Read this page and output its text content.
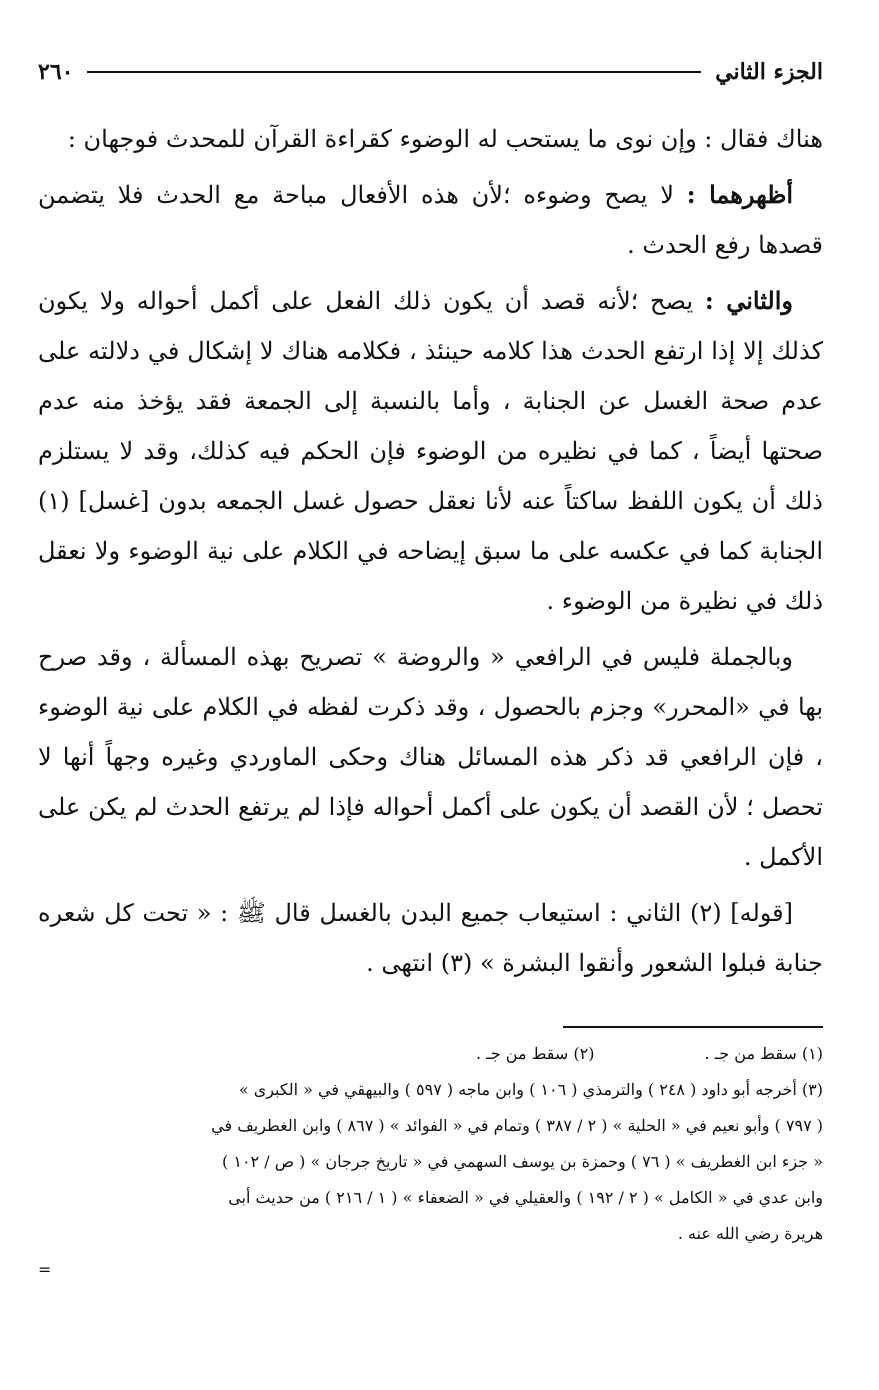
٢٦٠	الجزء الثاني

هناك فقال : وإن نوى ما يستحب له الوضوء كقراءة القرآن للمحدث فوجهان :

أظهرهما : لا يصح وضوءه ؛لأن هذه الأفعال مباحة مع الحدث فلا يتضمن قصدها رفع الحدث .

والثاني : يصح ؛لأنه قصد أن يكون ذلك الفعل على أكمل أحواله ولا يكون كذلك إلا إذا ارتفع الحدث هذا كلامه حينئذ ، فكلامه هناك لا إشكال في دلالته على عدم صحة الغسل عن الجنابة ، وأما بالنسبة إلى الجمعة فقد يؤخذ منه عدم صحتها أيضاً ، كما في نظيره من الوضوء فإن الحكم فيه كذلك، وقد لا يستلزم ذلك أن يكون اللفظ ساكتاً عنه لأنا نعقل حصول غسل الجمعه بدون [غسل] (١) الجنابة كما في عكسه على ما سبق إيضاحه في الكلام على نية الوضوء ولا نعقل ذلك في نظيرة من الوضوء .

وبالجملة فليس في الرافعي « والروضة » تصريح بهذه المسألة ، وقد صرح بها في «المحرر» وجزم بالحصول ، وقد ذكرت لفظه في الكلام على نية الوضوء ، فإن الرافعي قد ذكر هذه المسائل هناك وحكى الماوردي وغيره وجهاً أنها لا تحصل ؛ لأن القصد أن يكون على أكمل أحواله فإذا لم يرتفع الحدث لم يكن على الأكمل .

[قوله] (٢) الثاني : استيعاب جميع البدن بالغسل قال ﷺ : « تحت كل شعره جنابة فبلوا الشعور وأنقوا البشرة » (٣) انتهى .

(١) سقط من جـ .
(٢) سقط من جـ .
(٣) أخرجه أبو داود ( ٢٤٨ ) والترمذي ( ١٠٦ ) وابن ماجه ( ٥٩٧ ) والبيهقي في « الكبرى »
( ٧٩٧ ) وأبو نعيم في « الحلية » ( ٢ / ٣٨٧ ) وتمام في « الفوائد » ( ٨٦٧ ) وابن الغطريف في
« جزء ابن الغطريف » ( ٧٦ ) وحمزة بن يوسف السهمي في « تاريخ جرجان » ( ص / ١٠٢ )
وابن عدي في « الكامل » ( ٢ / ١٩٢ ) والعقيلي في « الضعفاء » ( ١ / ٢١٦ ) من حديث أبى
هريرة رضي الله عنه .
=
